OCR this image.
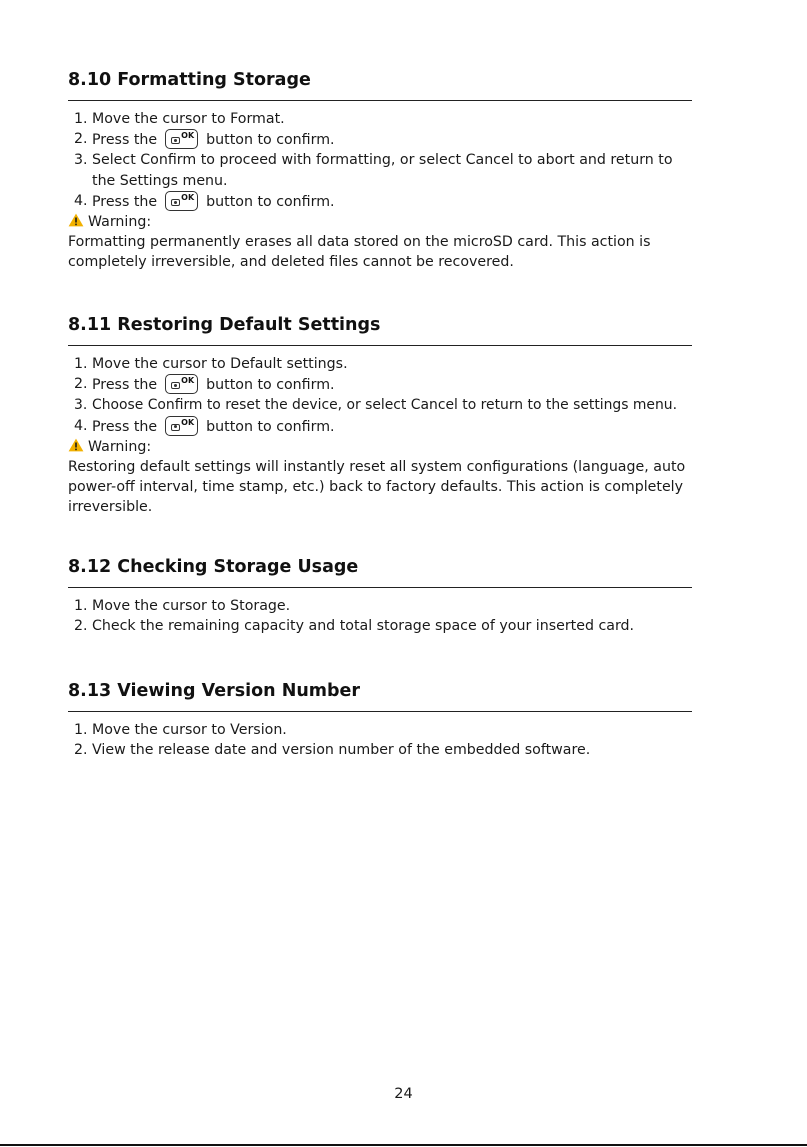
8.10 Formatting Storage
1. Move the cursor to Format.
2. Press the	OK button to confirm.
3. Select Confirm to proceed with formatting, or select Cancel to abort and return to the Settings menu.
4. Press the	OK button to confirm.

Warning:

Formatting permanently erases all data stored on the microSD card. This action is completely irreversible, and deleted files cannot be recovered.

8.11 Restoring Default Settings
1. Move the cursor to Default settings.
2. Press the	OK button to confirm.
3. Choose Confirm to reset the device, or select Cancel to return to the settings menu.
4. Press the	OK button to confirm.

Warning:

Restoring default settings will instantly reset all system configurations (language, auto power-off interval, time stamp, etc.) back to factory defaults. This action is completely irreversible.

8.12 Checking Storage Usage
1. Move the cursor to Storage.
2. Check the remaining capacity and total storage space of your inserted card.
8.13 Viewing Version Number
1. Move the cursor to Version.
2. View the release date and version number of the embedded software.
24
